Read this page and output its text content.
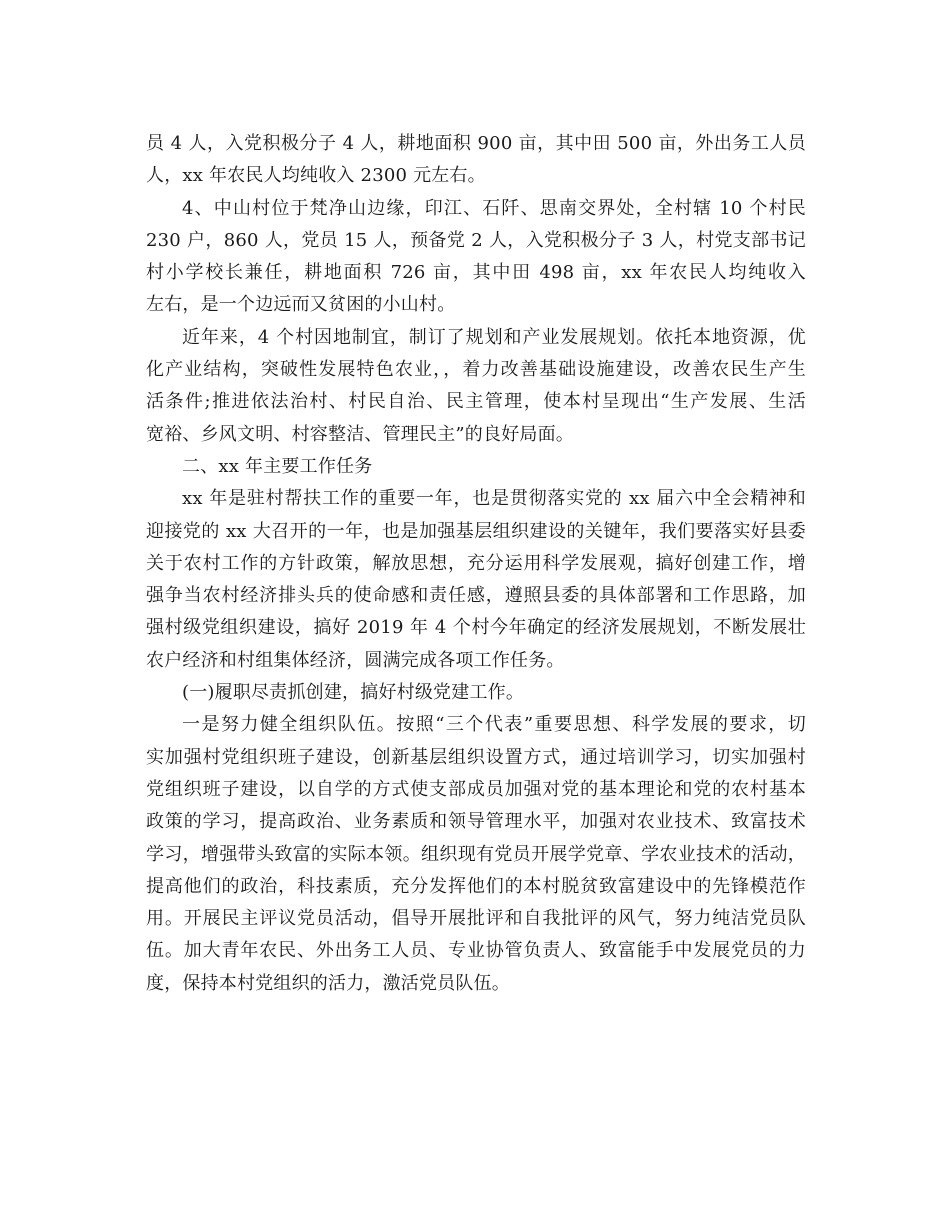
员 4 人，入党积极分子 4 人，耕地面积 900 亩，其中田 500 亩，外出务工人员
人，xx 年农民人均纯收入 2300 元左右。
4、中山村位于梵净山边缘，印江、石阡、思南交界处，全村辖 10 个村民
230 户，860 人，党员 15 人，预备党 2 人，入党积极分子 3 人，村党支部书记
村小学校长兼任，耕地面积 726 亩，其中田 498 亩，xx 年农民人均纯收入
左右，是一个边远而又贫困的小山村。
近年来，4 个村因地制宜，制订了规划和产业发展规划。依托本地资源，优
化产业结构，突破性发展特色农业，，着力改善基础设施建设，改善农民生产生
活条件;推进依法治村、村民自治、民主管理，使本村呈现出“生产发展、生活
宽裕、乡风文明、村容整洁、管理民主”的良好局面。
二、xx 年主要工作任务
xx 年是驻村帮扶工作的重要一年，也是贯彻落实党的 xx 届六中全会精神和
迎接党的 xx 大召开的一年，也是加强基层组织建设的关键年，我们要落实好县委
关于农村工作的方针政策，解放思想，充分运用科学发展观，搞好创建工作，增
强争当农村经济排头兵的使命感和责任感，遵照县委的具体部署和工作思路，加
强村级党组织建设，搞好 2019 年 4 个村今年确定的经济发展规划，不断发展壮
农户经济和村组集体经济，圆满完成各项工作任务。
(一)履职尽责抓创建，搞好村级党建工作。
一是努力健全组织队伍。按照“三个代表”重要思想、科学发展的要求，切
实加强村党组织班子建设，创新基层组织设置方式，通过培训学习，切实加强村
党组织班子建设，以自学的方式使支部成员加强对党的基本理论和党的农村基本
政策的学习，提高政治、业务素质和领导管理水平，加强对农业技术、致富技术
学习，增强带头致富的实际本领。组织现有党员开展学党章、学农业技术的活动，
提高他们的政治，科技素质，充分发挥他们的本村脱贫致富建设中的先锋模范作
用。开展民主评议党员活动，倡导开展批评和自我批评的风气，努力纯洁党员队
伍。加大青年农民、外出务工人员、专业协管负责人、致富能手中发展党员的力
度，保持本村党组织的活力，激活党员队伍。
